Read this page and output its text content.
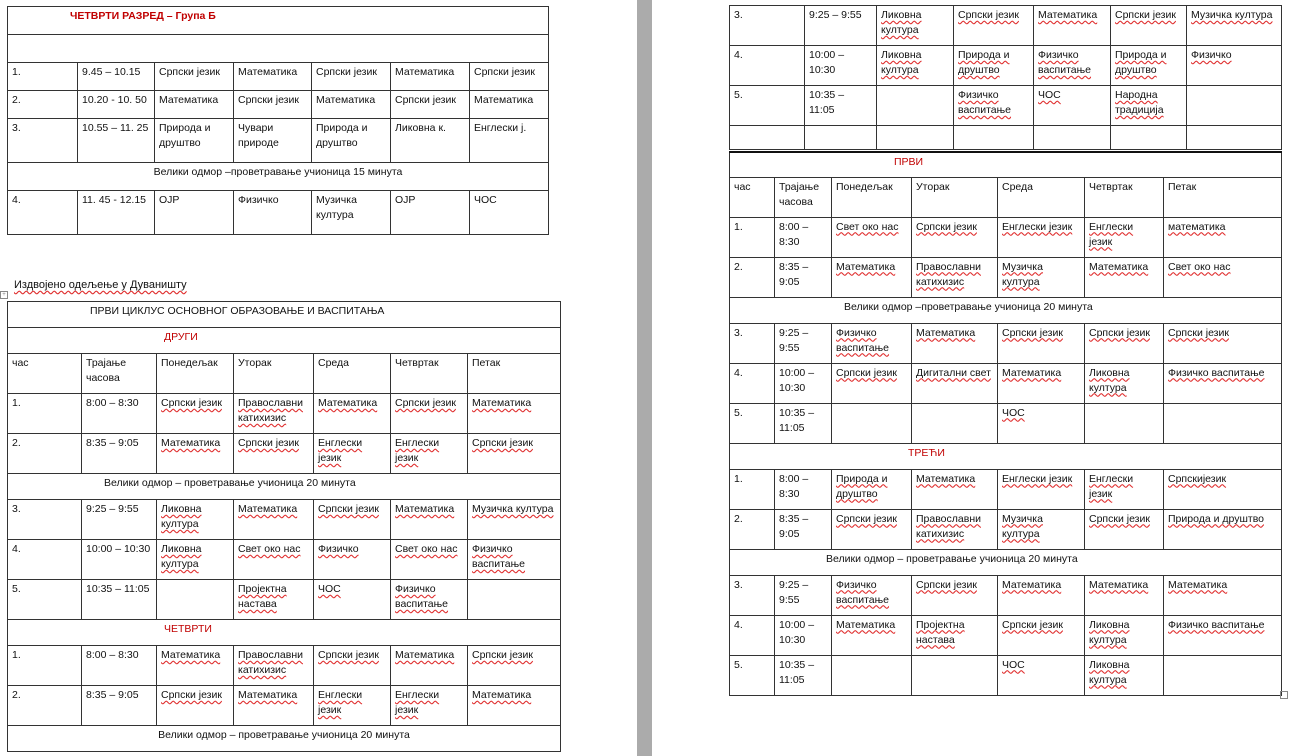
ЧЕТВРТИ РАЗРЕД – Група Б						

1.	9.45 – 10.15	Српски језик	Математика	Српски језик	Математика	Српски језик
2.	10.20 - 10. 50	Математика	Српски језик	Математика	Српски језик	Математика
3.	10.55 – 11. 25	Природа и друштво	Чувари природе	Природа и друштво	Ликовна к.	Енглески ј.
Велики одмор –проветравање учионица 15 минута						
4.	11. 45 - 12.15	ОЈР	Физичко	Музичка култура	ОЈР	ЧОС
Издвојено одељење у Дуваништу
+
ПРВИ ЦИКЛУС ОСНОВНОГ ОБРАЗОВАЊЕ И ВАСПИТАЊА						
ДРУГИ						
час	Трајање часова	Понедељак	Уторак	Среда	Четвртак	Петак
1.	8:00 – 8:30	Српски језик	Православни катихизис	Математика	Српски језик	Математика
2.	8:35 – 9:05	Математика	Српски језик	Енглески језик	Енглески језик	Српски језик
Велики одмор – проветравање учионица 20 минута						
3.	9:25 – 9:55	Ликовна култура	Математика	Српски језик	Математика	Музичка култура
4.	10:00 – 10:30	Ликовна култура	Свет око нас	Физичко	Свет око нас	Физичко васпитање
5.	10:35 – 11:05		Пројектна настава	ЧОС	Физичко васпитање	
ЧЕТВРТИ						
1.	8:00 – 8:30	Математика	Православни катихизис	Српски језик	Математика	Српски језик
2.	8:35 – 9:05	Српски језик	Математика	Енглески језик	Енглески језик	Математика
Велики одмор – проветравање учионица 20 минута						
3.	9:25 – 9:55	Ликовна култура	Српски језик	Математика	Српски језик	Музичка култура
4.	10:00 – 10:30	Ликовна култура	Природа и друштво	Физичко васпитање	Природа и друштво	Физичко
5.	10:35 – 11:05		Физичко васпитање	ЧОС	Народна традиција	

ПРВИ						
час	Трајање часова	Понедељак	Уторак	Среда	Четвртак	Петак
1.	8:00 – 8:30	Свет око нас	Српски језик	Енглески језик	Енглески језик	математика
2.	8:35 – 9:05	Математика	Православни катихизис	Музичка култура	Математика	Свет око нас
Велики одмор –проветравање учионица 20 минута						
3.	9:25 – 9:55	Физичко васпитање	Математика	Српски језик	Српски језик	Српски језик
4.	10:00 – 10:30	Српски језик	Дигитални свет	Математика	Ликовна култура	Физичко васпитање
5.	10:35 – 11:05			ЧОС		
ТРЕЋИ						
1.	8:00 – 8:30	Природа и друштво	Математика	Енглески језик	Енглески језик	Српскијезик
2.	8:35 – 9:05	Српски језик	Православни катихизис	Музичка култура	Српски језик	Природа и друштво
Велики одмор – проветравање учионица 20 минута						
3.	9:25 – 9:55	Физичко васпитање	Српски језик	Математика	Математика	Математика
4.	10:00 – 10:30	Математика	Пројектна настава	Српски језик	Ликовна култура	Физичко васпитање
5.	10:35 – 11:05			ЧОС	Ликовна култура	
